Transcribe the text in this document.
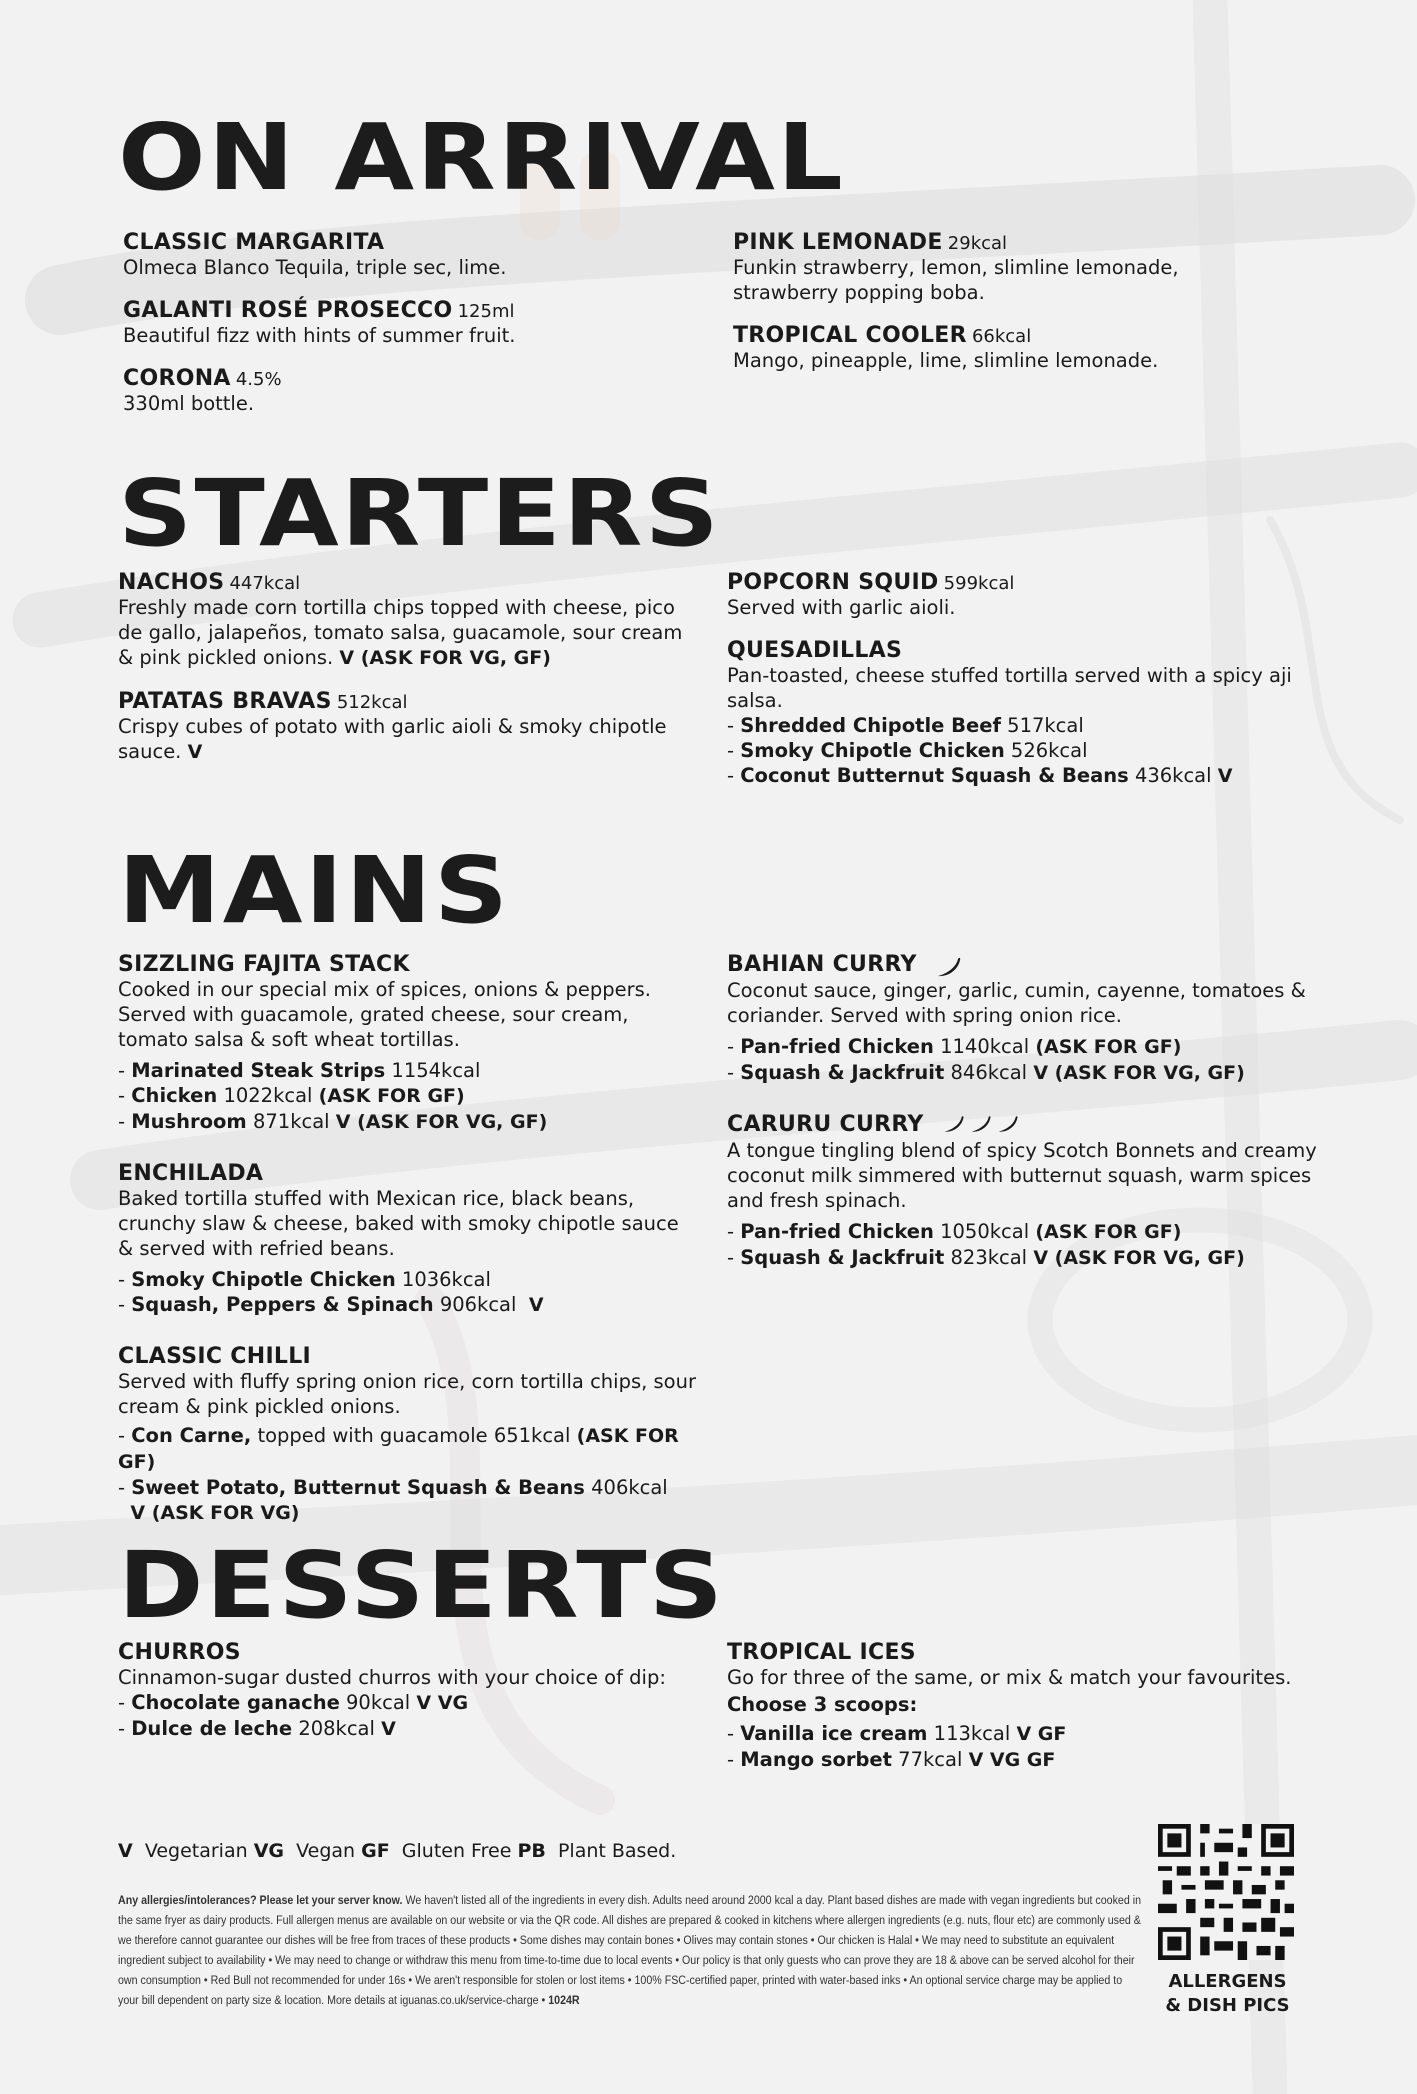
ON ARRIVAL
CLASSIC MARGARITA

Olmeca Blanco Tequila, triple sec, lime.

GALANTI ROSÉ PROSECCO 125ml

Beautiful fizz with hints of summer fruit.

CORONA 4.5%

330ml bottle.

PINK LEMONADE 29kcal

Funkin strawberry, lemon, slimline lemonade, strawberry popping boba.

TROPICAL COOLER 66kcal

Mango, pineapple, lime, slimline lemonade.

STARTERS
NACHOS 447kcal

Freshly made corn tortilla chips topped with cheese, pico de gallo, jalapeños, tomato salsa, guacamole, sour cream & pink pickled onions. V (ASK FOR VG, GF)

PATATAS BRAVAS 512kcal

Crispy cubes of potato with garlic aioli & smoky chipotle sauce. V

POPCORN SQUID 599kcal

Served with garlic aioli.

QUESADILLAS

Pan-toasted, cheese stuffed tortilla served with a spicy aji salsa.

- Shredded Chipotle Beef 517kcal
- Smoky Chipotle Chicken 526kcal
- Coconut Butternut Squash & Beans 436kcal V
MAINS
SIZZLING FAJITA STACK

Cooked in our special mix of spices, onions & peppers. Served with guacamole, grated cheese, sour cream, tomato salsa & soft wheat tortillas.

- Marinated Steak Strips 1154kcal
- Chicken 1022kcal (ASK FOR GF)
- Mushroom 871kcal V (ASK FOR VG, GF)
ENCHILADA

Baked tortilla stuffed with Mexican rice, black beans, crunchy slaw & cheese, baked with smoky chipotle sauce & served with refried beans.

- Smoky Chipotle Chicken 1036kcal
- Squash, Peppers & Spinach 906kcal V
CLASSIC CHILLI

Served with fluffy spring onion rice, corn tortilla chips, sour cream & pink pickled onions.

- Con Carne, topped with guacamole 651kcal (ASK FOR GF)
- Sweet Potato, Butternut Squash & Beans 406kcal
V (ASK FOR VG)
BAHIAN CURRY

Coconut sauce, ginger, garlic, cumin, cayenne, tomatoes & coriander. Served with spring onion rice.

- Pan-fried Chicken 1140kcal (ASK FOR GF)
- Squash & Jackfruit 846kcal V (ASK FOR VG, GF)
CARURU CURRY

A tongue tingling blend of spicy Scotch Bonnets and creamy coconut milk simmered with butternut squash, warm spices and fresh spinach.

- Pan-fried Chicken 1050kcal (ASK FOR GF)
- Squash & Jackfruit 823kcal V (ASK FOR VG, GF)
DESSERTS
CHURROS

Cinnamon-sugar dusted churros with your choice of dip:

- Chocolate ganache 90kcal V VG
- Dulce de leche 208kcal V
TROPICAL ICES

Go for three of the same, or mix & match your favourites.

Choose 3 scoops:
- Vanilla ice cream 113kcal V GF
- Mango sorbet 77kcal V VG GF
V Vegetarian VG Vegan GF Gluten Free PB Plant Based.
Any allergies/intolerances? Please let your server know. We haven't listed all of the ingredients in every dish. Adults need around 2000 kcal a day. Plant based dishes are made with vegan ingredients but cooked in the same fryer as dairy products. Full allergen menus are available on our website or via the QR code. All dishes are prepared & cooked in kitchens where allergen ingredients (e.g. nuts, flour etc) are commonly used & we therefore cannot guarantee our dishes will be free from traces of these products • Some dishes may contain bones • Olives may contain stones • Our chicken is Halal • We may need to substitute an equivalent ingredient subject to availability • We may need to change or withdraw this menu from time-to-time due to local events • Our policy is that only guests who can prove they are 18 & above can be served alcohol for their own consumption • Red Bull not recommended for under 16s • We aren't responsible for stolen or lost items • 100% FSC-certified paper, printed with water-based inks • An optional service charge may be applied to your bill dependent on party size & location. More details at iguanas.co.uk/service-charge • 1024R
ALLERGENS
& DISH PICS
